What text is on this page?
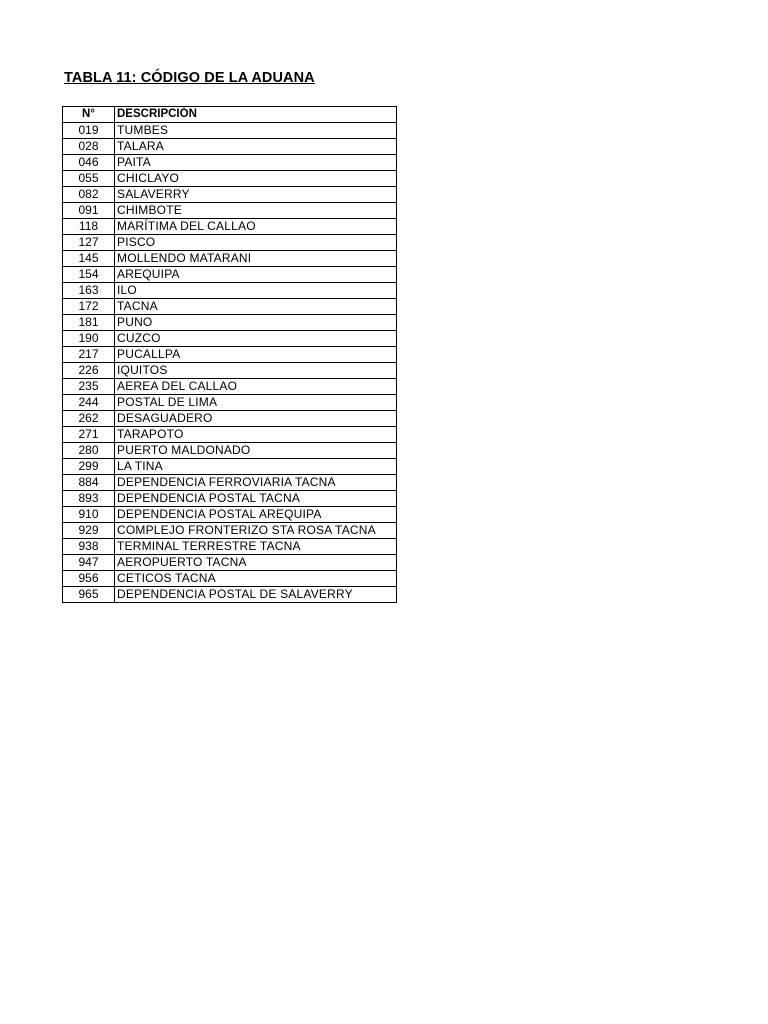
TABLA 11: CÓDIGO DE LA ADUANA
N°	DESCRIPCIÓN
019	TUMBES
028	TALARA
046	PAITA
055	CHICLAYO
082	SALAVERRY
091	CHIMBOTE
118	MARÍTIMA DEL CALLAO
127	PISCO
145	MOLLENDO MATARANI
154	AREQUIPA
163	ILO
172	TACNA
181	PUNO
190	CUZCO
217	PUCALLPA
226	IQUITOS
235	AEREA DEL CALLAO
244	POSTAL DE LIMA
262	DESAGUADERO
271	TARAPOTO
280	PUERTO MALDONADO
299	LA TINA
884	DEPENDENCIA FERROVIARIA TACNA
893	DEPENDENCIA POSTAL TACNA
910	DEPENDENCIA POSTAL AREQUIPA
929	COMPLEJO FRONTERIZO STA ROSA TACNA
938	TERMINAL TERRESTRE TACNA
947	AEROPUERTO TACNA
956	CETICOS TACNA
965	DEPENDENCIA POSTAL DE SALAVERRY
